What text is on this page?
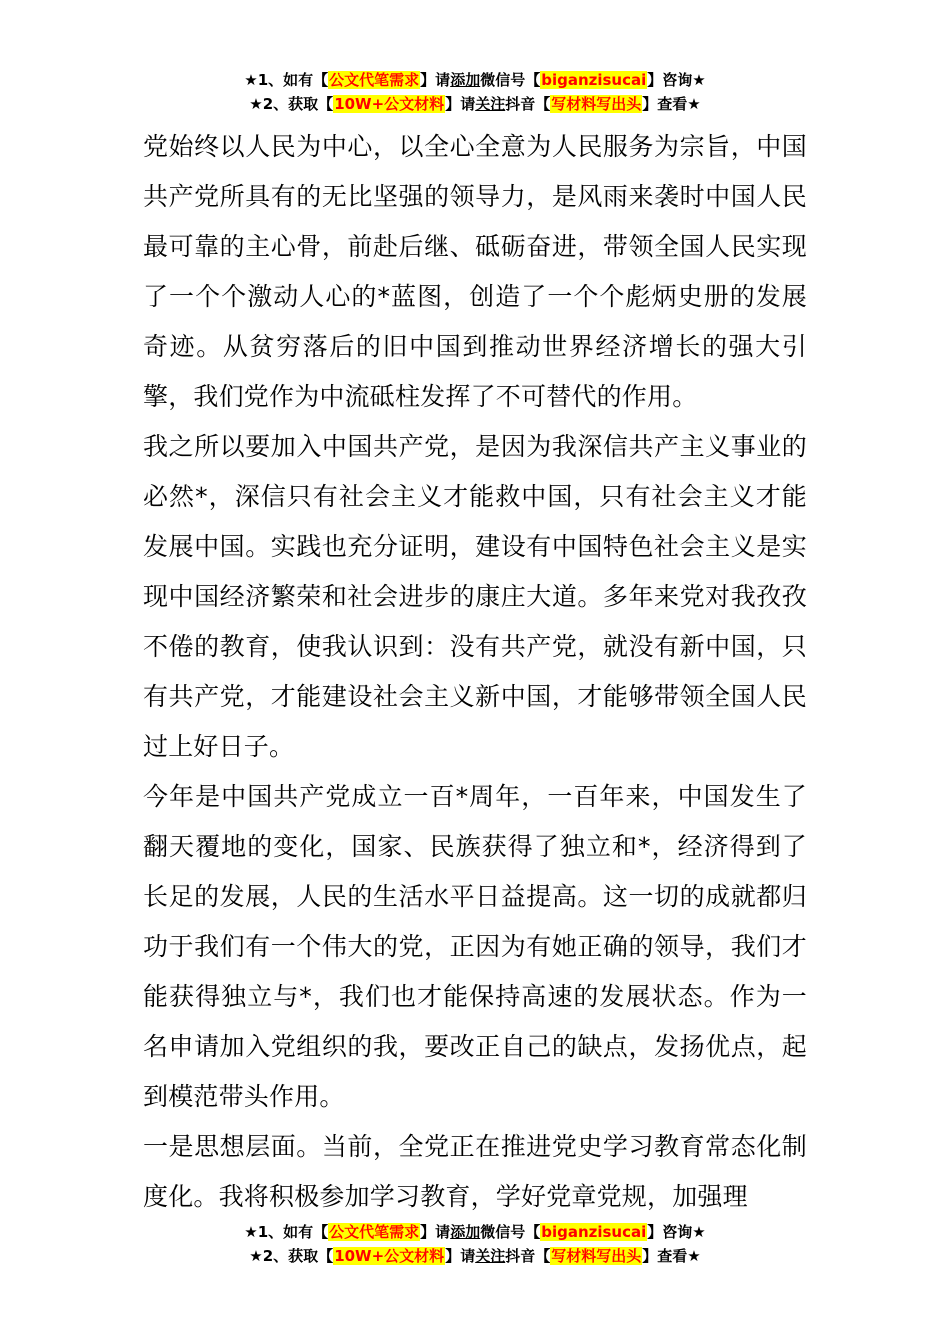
★1、如有【公文代笔需求】请添加微信号【biganzisucai】咨询★
★2、获取【10W+公文材料】请关注抖音【写材料写出头】查看★

党始终以人民为中心，以全心全意为人民服务为宗旨，中国共产党所具有的无比坚强的领导力，是风雨来袭时中国人民最可靠的主心骨，前赴后继、砥砺奋进，带领全国人民实现了一个个激动人心的*蓝图，创造了一个个彪炳史册的发展奇迹。从贫穷落后的旧中国到推动世界经济增长的强大引擎，我们党作为中流砥柱发挥了不可替代的作用。

我之所以要加入中国共产党，是因为我深信共产主义事业的必然*，深信只有社会主义才能救中国，只有社会主义才能发展中国。实践也充分证明，建设有中国特色社会主义是实现中国经济繁荣和社会进步的康庄大道。多年来党对我孜孜不倦的教育，使我认识到：没有共产党，就没有新中国，只有共产党，才能建设社会主义新中国，才能够带领全国人民过上好日子。

今年是中国共产党成立一百*周年，一百年来，中国发生了翻天覆地的变化，国家、民族获得了独立和*，经济得到了长足的发展，人民的生活水平日益提高。这一切的成就都归功于我们有一个伟大的党，正因为有她正确的领导，我们才能获得独立与*，我们也才能保持高速的发展状态。作为一名申请加入党组织的我，要改正自己的缺点，发扬优点，起到模范带头作用。

一是思想层面。当前，全党正在推进党史学习教育常态化制度化。我将积极参加学习教育，学好党章党规，加强理

★1、如有【公文代笔需求】请添加微信号【biganzisucai】咨询★
★2、获取【10W+公文材料】请关注抖音【写材料写出头】查看★
